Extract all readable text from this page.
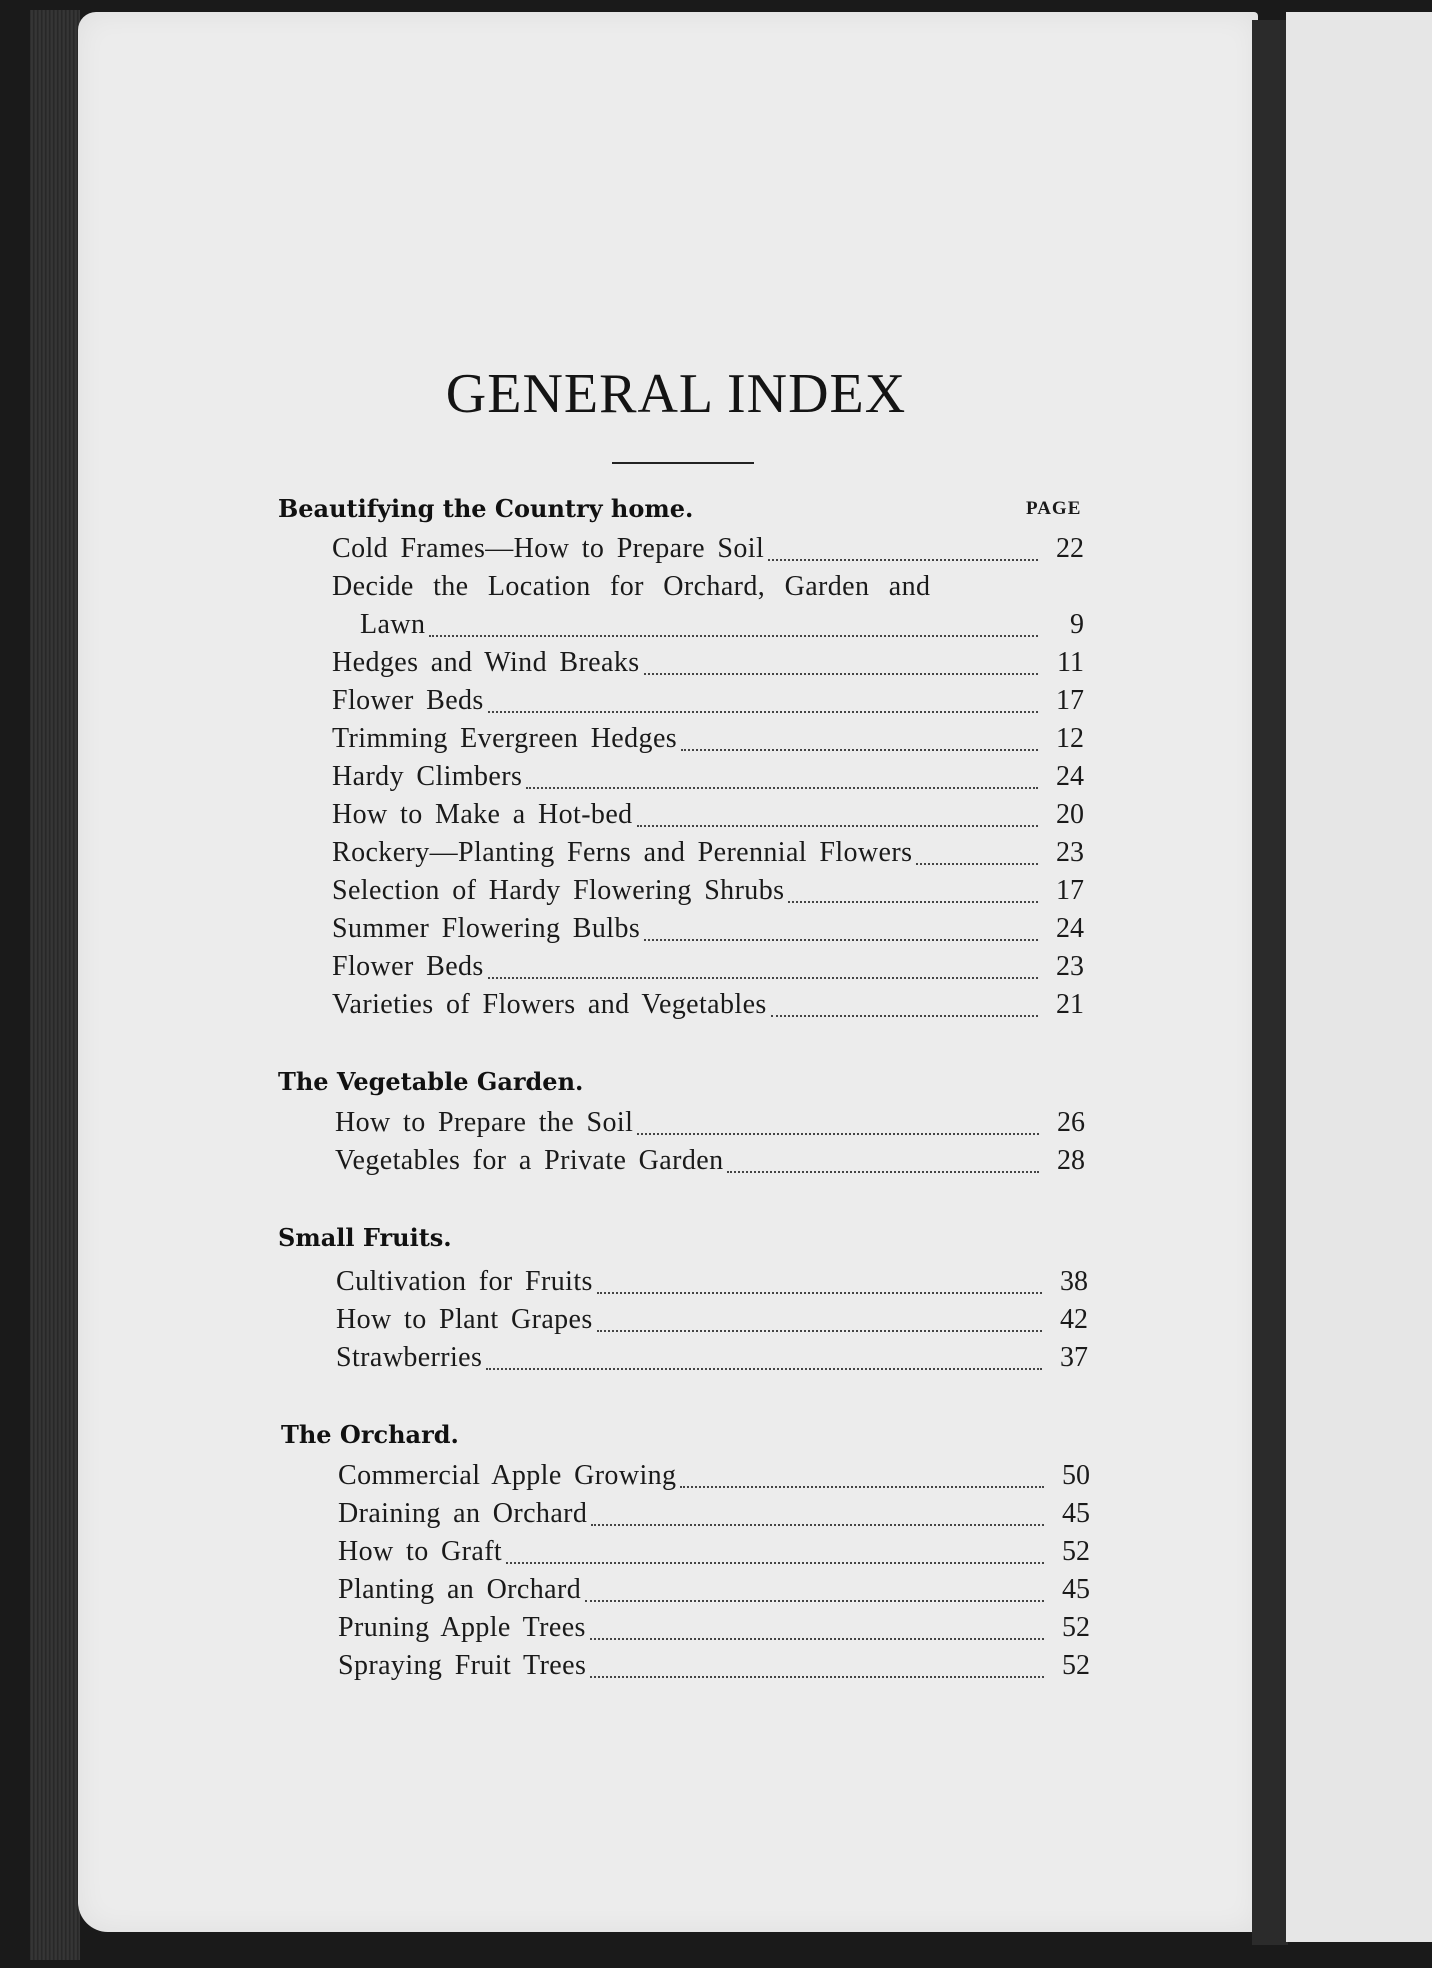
GENERAL INDEX
Beautifying the Country home.	PAGE
Cold Frames—How to Prepare Soil	22
Decide the Location for Orchard, Garden and
Lawn	9
Hedges and Wind Breaks	11
Flower Beds	17
Trimming Evergreen Hedges	12
Hardy Climbers	24
How to Make a Hot-bed	20
Rockery—Planting Ferns and Perennial Flowers	23
Selection of Hardy Flowering Shrubs	17
Summer Flowering Bulbs	24
Flower Beds	23
Varieties of Flowers and Vegetables	21
The Vegetable Garden.
How to Prepare the Soil	26
Vegetables for a Private Garden	28
Small Fruits.
Cultivation for Fruits	38
How to Plant Grapes	42
Strawberries	37
The Orchard.
Commercial Apple Growing	50
Draining an Orchard	45
How to Graft	52
Planting an Orchard	45
Pruning Apple Trees	52
Spraying Fruit Trees	52
